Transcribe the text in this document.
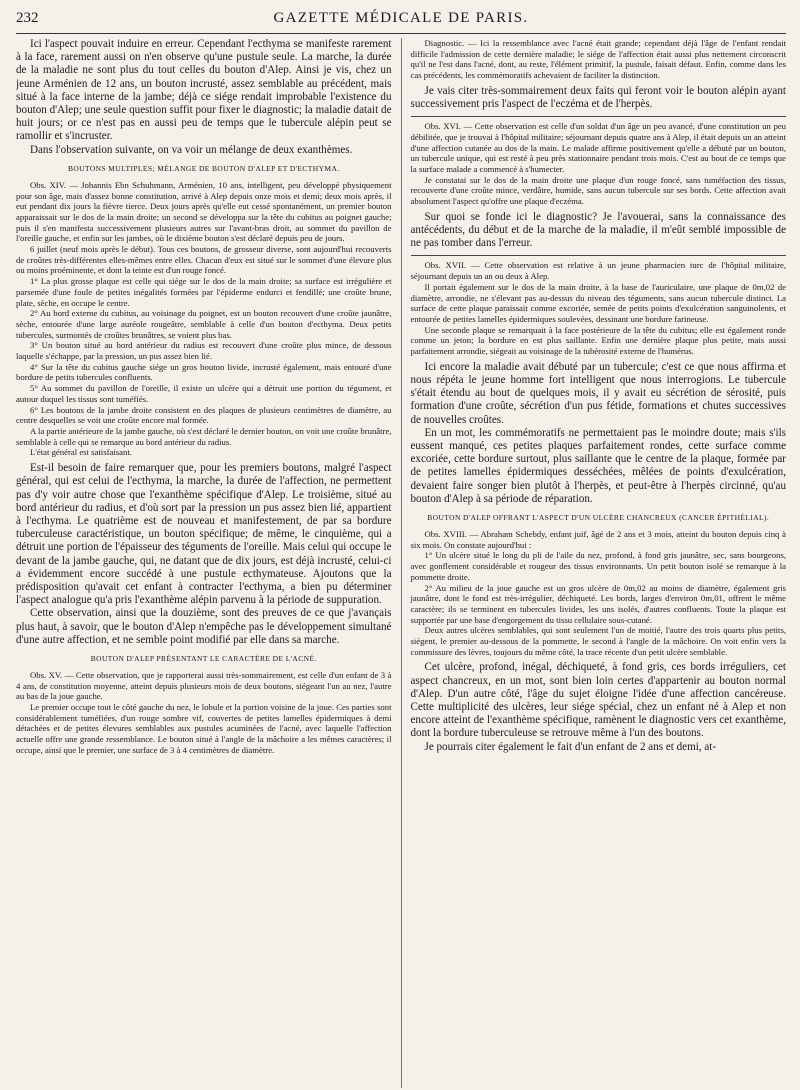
232	GAZETTE MÉDICALE DE PARIS.

Ici l'aspect pouvait induire en erreur. Cependant l'ecthyma se manifeste rarement à la face, rarement aussi on n'en observe qu'une pustule seule. La marche, la durée de la maladie ne sont plus du tout celles du bouton d'Alep. Ainsi je vis, chez un jeune Arménien de 12 ans, un bouton incrusté, assez semblable au précédent, mais situé à la face interne de la jambe; déjà ce siége rendait improbable l'existence du bouton d'Alep; une seule question suffit pour fixer le diagnostic; la maladie datait de huit jours; or ce n'est pas en aussi peu de temps que le tubercule alépin peut se ramollir et s'incruster.

Dans l'observation suivante, on va voir un mélange de deux exanthèmes.

BOUTONS MULTIPLES; MÉLANGE DE BOUTON D'ALEP ET D'ECTHYMA.

Obs. XIV. — Johannis Ebn Schuhmann, Arménien, 10 ans, intelligent, peu développé physiquement pour son âge, mais d'assez bonne constitution, arrivé à Alep depuis onze mois et demi; deux mois après, il eut pendant dix jours la fièvre tierce. Deux jours après qu'elle eut cessé spontanément, un premier bouton apparaissait sur le dos de la main droite; un second se développa sur la tête du cubitus au poignet gauche; puis il s'en manifesta successivement plusieurs autres sur l'avant-bras droit, au sommet du pavillon de l'oreille gauche, et enfin sur les jambes, où le dixième bouton s'est déclaré depuis peu de jours.

6 juillet (neuf mois après le début). Tous ces boutons, de grosseur diverse, sont aujourd'hui recouverts de croûtes très-différentes elles-mêmes entre elles. Chacun d'eux est situé sur le sommet d'une élevure plus ou moins proéminente, et dont la teinte est d'un rouge foncé.

1° La plus grosse plaque est celle qui siége sur le dos de la main droite; sa surface est irrégulière et parsemée d'une foule de petites inégalités formées par l'épiderme endurci et fendillé; une croûte brune, plate, sèche, en occupe le centre.

2° Au bord externe du cubitus, au voisinage du poignet, est un bouton recouvert d'une croûte jaunâtre, sèche, entourée d'une large auréole rougeâtre, semblable à celle d'un bouton d'ecthyma. Deux petits tubercules, surmontés de croûtes brunâtres, se voient plus bas.

3° Un bouton situé au bord antérieur du radius est recouvert d'une croûte plus mince, de dessous laquelle s'échappe, par la pression, un pus assez bien lié.

4° Sur la tête du cubitus gauche siége un gros bouton livide, incrusté également, mais entouré d'une bordure de petits tubercules confluents.

5° Au sommet du pavillon de l'oreille, il existe un ulcère qui a détruit une portion du tégument, et autour duquel les tissus sont tuméfiés.

6° Les boutons de la jambe droite consistent en des plaques de plusieurs centimètres de diamètre, au centre desquelles se voit une croûte encore mal formée.

A la partie antérieure de la jambe gauche, où s'est déclaré le dernier bouton, on voit une croûte brunâtre, semblable à celle qui se remarque au bord antérieur du radius.

L'état général est satisfaisant.

Est-il besoin de faire remarquer que, pour les premiers boutons, malgré l'aspect général, qui est celui de l'ecthyma, la marche, la durée de l'affection, ne permettent pas d'y voir autre chose que l'exanthème spécifique d'Alep. Le troisième, situé au bord antérieur du radius, et d'où sort par la pression un pus assez bien lié, appartient à l'ecthyma. Le quatrième est de nouveau et manifestement, de par sa bordure tuberculeuse caractéristique, un bouton spécifique; de même, le cinquième, qui a détruit une portion de l'épaisseur des téguments de l'oreille. Mais celui qui occupe le devant de la jambe gauche, qui, ne datant que de dix jours, est déjà incrusté, celui-ci a évidemment encore succédé à une pustule ecthymateuse. Ajoutons que la prédisposition qu'avait cet enfant à contracter l'ecthyma, a bien pu déterminer l'aspect analogue qu'a pris l'exanthème alépin parvenu à la période de suppuration.

Cette observation, ainsi que la douzième, sont des preuves de ce que j'avançais plus haut, à savoir, que le bouton d'Alep n'empêche pas le développement simultané d'une autre affection, et ne semble point modifié par elle dans sa marche.

BOUTON D'ALEP PRÉSENTANT LE CARACTÈRE DE L'ACNÉ.

Obs. XV. — Cette observation, que je rapporterai aussi très-sommairement, est celle d'un enfant de 3 à 4 ans, de constitution moyenne, atteint depuis plusieurs mois de deux boutons, siégeant l'un au nez, l'autre au bas de la joue gauche.

Le premier occupe tout le côté gauche du nez, le lobule et la portion voisine de la joue. Ces parties sont considérablement tuméfiées, d'un rouge sombre vif, couvertes de petites lamelles épidermiques à demi détachées et de petites élevures semblables aux pustules acuminées de l'acné, avec laquelle l'affection actuelle offre une grande ressemblance. Le bouton situé à l'angle de la mâchoire a les mêmes caractères; il occupe, ainsi que le premier, une surface de 3 à 4 centimètres de diamètre.

Diagnostic. — Ici la ressemblance avec l'acné était grande; cependant déjà l'âge de l'enfant rendait difficile l'admission de cette dernière maladie; le siége de l'affection était aussi plus nettement circonscrit qu'il ne l'est dans l'acné, dont, au reste, l'élément primitif, la pustule, faisait défaut. Enfin, comme dans les cas précédents, les commémoratifs achevaient de faciliter la distinction.

Je vais citer très-sommairement deux faits qui feront voir le bouton alépin ayant successivement pris l'aspect de l'eczéma et de l'herpès.

Obs. XVI. — Cette observation est celle d'un soldat d'un âge un peu avancé, d'une constitution un peu débilitée, que je trouvai à l'hôpital militaire; séjournant depuis quatre ans à Alep, il était depuis un an atteint d'une affection cutanée au dos de la main. Le malade affirme positivement qu'elle a débuté par un bouton, un tubercule unique, qui est resté à peu près stationnaire pendant trois mois. C'est au bout de ce temps que la surface malade a commencé à s'humecter.

Je constatai sur le dos de la main droite une plaque d'un rouge foncé, sans tuméfaction des tissus, recouverte d'une croûte mince, verdâtre, humide, sans aucun tubercule sur ses bords. Cette affection avait absolument l'aspect qu'offre une plaque d'eczéma.

Sur quoi se fonde ici le diagnostic? Je l'avouerai, sans la connaissance des antécédents, du début et de la marche de la maladie, il m'eût semblé impossible de ne pas tomber dans l'erreur.

Obs. XVII. — Cette observation est relative à un jeune pharmacien turc de l'hôpital militaire, séjournant depuis un an ou deux à Alep.

Il portait également sur le dos de la main droite, à la base de l'auriculaire, une plaque de 0m,02 de diamètre, arrondie, ne s'élevant pas au-dessus du niveau des téguments, sans aucun tubercule distinct. La surface de cette plaque paraissait comme excoriée, semée de petits points d'exulcération sanguinolents, et entourée de petites lamelles épidermiques soulevées, dessinant une bordure farineuse.

Une seconde plaque se remarquait à la face postérieure de la tête du cubitus; elle est également ronde comme un jeton; la bordure en est plus saillante. Enfin une dernière plaque plus petite, mais aussi parfaitement arrondie, siégeait au voisinage de la tubérosité externe de l'humérus.

Ici encore la maladie avait débuté par un tubercule; c'est ce que nous affirma et nous répéta le jeune homme fort intelligent que nous interrogions. Le tubercule s'était étendu au bout de quelques mois, il y avait eu sécrétion de sérosité, puis formation d'une croûte, sécrétion d'un pus fétide, formations et chutes successives de nouvelles croûtes.

En un mot, les commémoratifs ne permettaient pas le moindre doute; mais s'ils eussent manqué, ces petites plaques parfaitement rondes, cette surface comme excoriée, cette bordure surtout, plus saillante que le centre de la plaque, formée par de petites lamelles épidermiques desséchées, mêlées de points d'exulcération, devaient faire songer bien plutôt à l'herpès, et peut-être à l'herpès circinné, qu'au bouton d'Alep à sa période de réparation.

BOUTON D'ALEP OFFRANT L'ASPECT D'UN ULCÈRE CHANCREUX (CANCER ÉPITHÉLIAL).

Obs. XVIII. — Abraham Schebdy, enfant juif, âgé de 2 ans et 3 mois, atteint du bouton depuis cinq à six mois. On constate aujourd'hui :

1° Un ulcère situé le long du pli de l'aile du nez, profond, à fond gris jaunâtre, sec, sans bourgeons, avec gonflement considérable et rougeur des tissus environnants. Un petit bouton isolé se remarque à la pommette droite.

2° Au milieu de la joue gauche est un gros ulcère de 0m,02 au moins de diamètre, également gris jaunâtre, dont le fond est très-irrégulier, déchiqueté. Les bords, larges d'environ 0m,01, offrent le même caractère; ils se terminent en tubercules livides, les uns isolés, d'autres confluents. Toute la plaque est supportée par une base d'engorgement du tissu cellulaire sous-cutané.

Deux autres ulcères semblables, qui sont seulement l'un de moitié, l'autre des trois quarts plus petits, siégent, le premier au-dessous de la pommette, le second à l'angle de la mâchoire. On voit enfin vers la commissure des lèvres, toujours du même côté, la trace récente d'un petit ulcère semblable.

Cet ulcère, profond, inégal, déchiqueté, à fond gris, ces bords irréguliers, cet aspect chancreux, en un mot, sont bien loin certes d'appartenir au bouton normal d'Alep. D'un autre côté, l'âge du sujet éloigne l'idée d'une affection cancéreuse. Cette multiplicité des ulcères, leur siége spécial, chez un enfant né à Alep et non encore atteint de l'exanthème spécifique, ramènent le diagnostic vers cet exanthème, dont la bordure tuberculeuse se retrouve même à l'un des boutons.

Je pourrais citer également le fait d'un enfant de 2 ans et demi, at-
